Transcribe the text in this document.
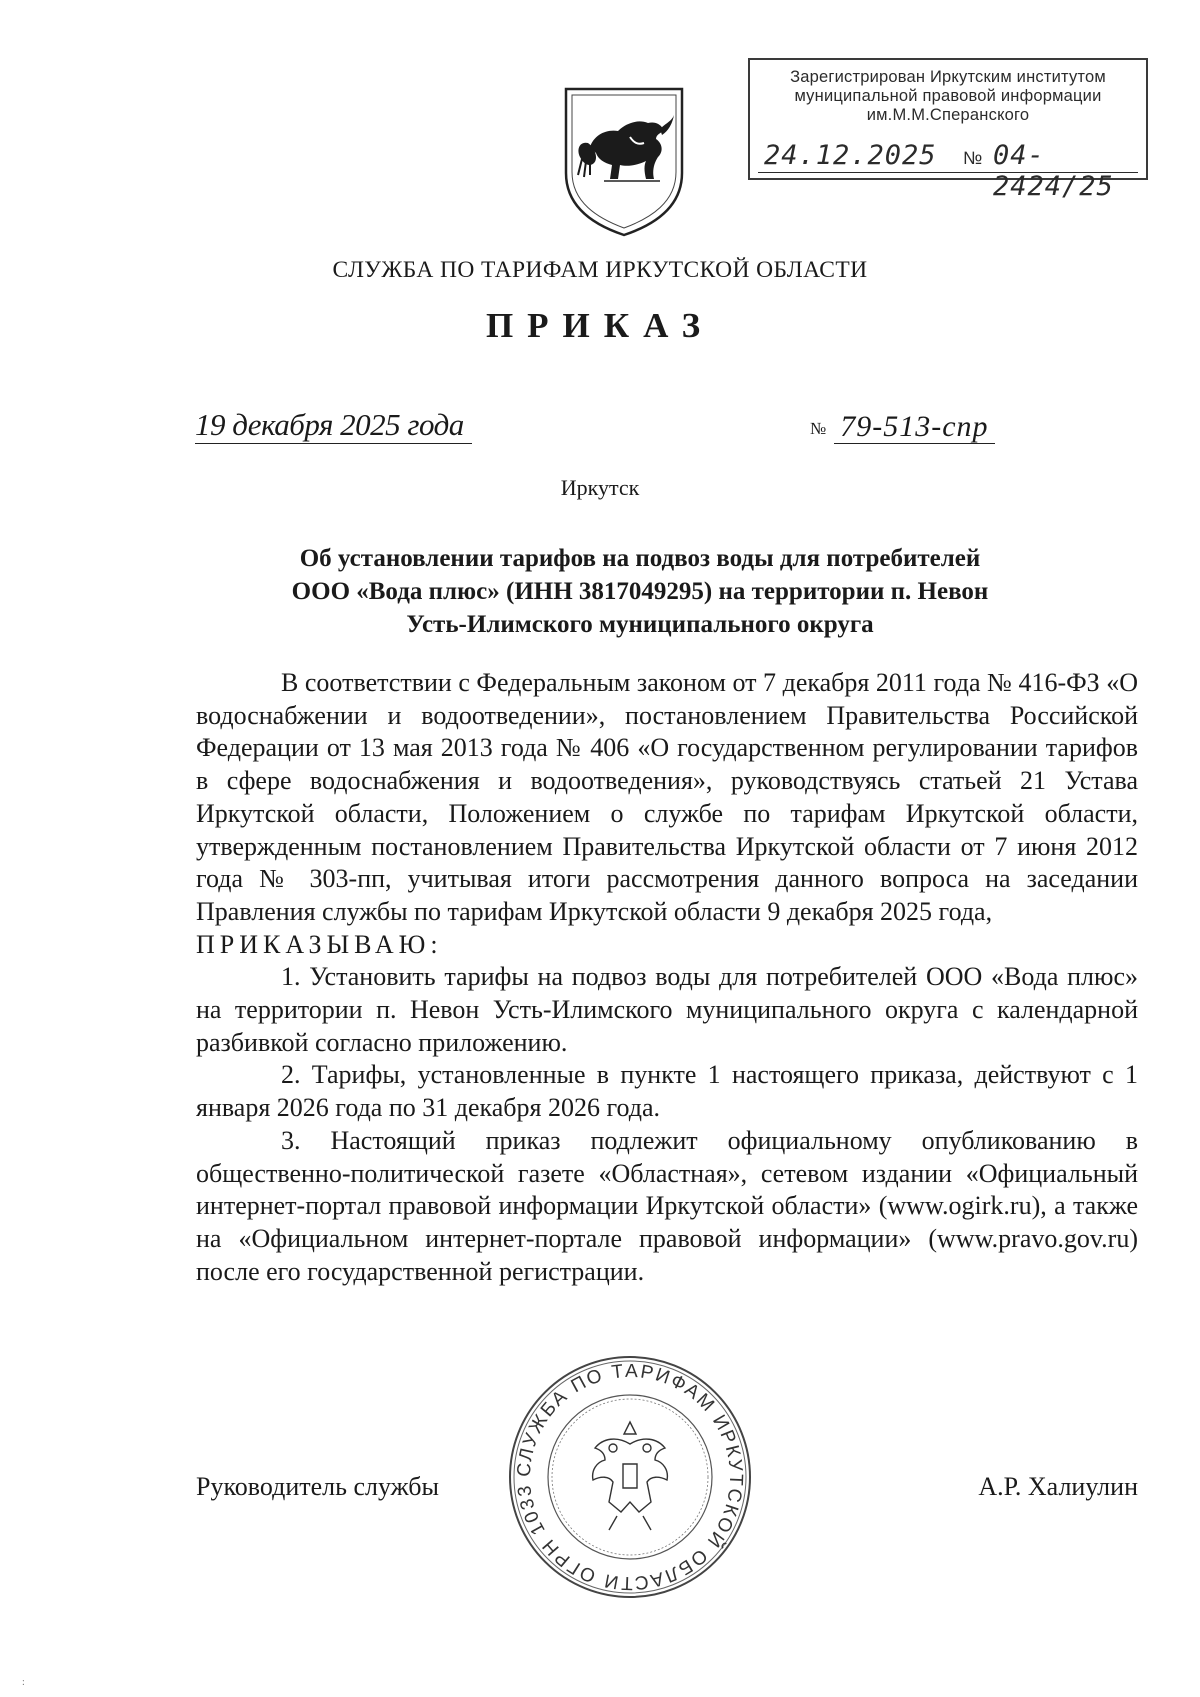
Зарегистрирован Иркутским институтом
муниципальной правовой информации
им.М.М.Сперанского
24.12.2025 № 04-2424/25
СЛУЖБА ПО ТАРИФАМ ИРКУТСКОЙ ОБЛАСТИ
ПРИКАЗ
19 декабря 2025 года	№ 79-513-спр
Иркутск
Об установлении тарифов на подвоз воды для потребителей
ООО «Вода плюс» (ИНН 3817049295) на территории п. Невон
Усть-Илимского муниципального округа

В соответствии с Федеральным законом от 7 декабря 2011 года № 416-ФЗ «О водоснабжении и водоотведении», постановлением Правительства Российской Федерации от 13 мая 2013 года № 406 «О государственном регулировании тарифов в сфере водоснабжения и водоотведения», руководствуясь статьей 21 Устава Иркутской области, Положением о службе по тарифам Иркутской области, утвержденным постановлением Правительства Иркутской области от 7 июня 2012 года № 303-пп, учитывая итоги рассмотрения данного вопроса на заседании Правления службы по тарифам Иркутской области 9 декабря 2025 года,

ПРИКАЗЫВАЮ:

1. Установить тарифы на подвоз воды для потребителей ООО «Вода плюс» на территории п. Невон Усть-Илимского муниципального округа с календарной разбивкой согласно приложению.

2. Тарифы, установленные в пункте 1 настоящего приказа, действуют с 1 января 2026 года по 31 декабря 2026 года.

3. Настоящий приказ подлежит официальному опубликованию в общественно-политической газете «Областная», сетевом издании «Официальный интернет-портал правовой информации Иркутской области» (www.ogirk.ru), а также на «Официальном интернет-портале правовой информации» (www.pravo.gov.ru) после его государственной регистрации.

СЛУЖБА ПО ТАРИФАМ ИРКУТСКОЙ ОБЛАСТИ ОГРН 1033
Руководитель службы	А.Р. Халиулин
:
